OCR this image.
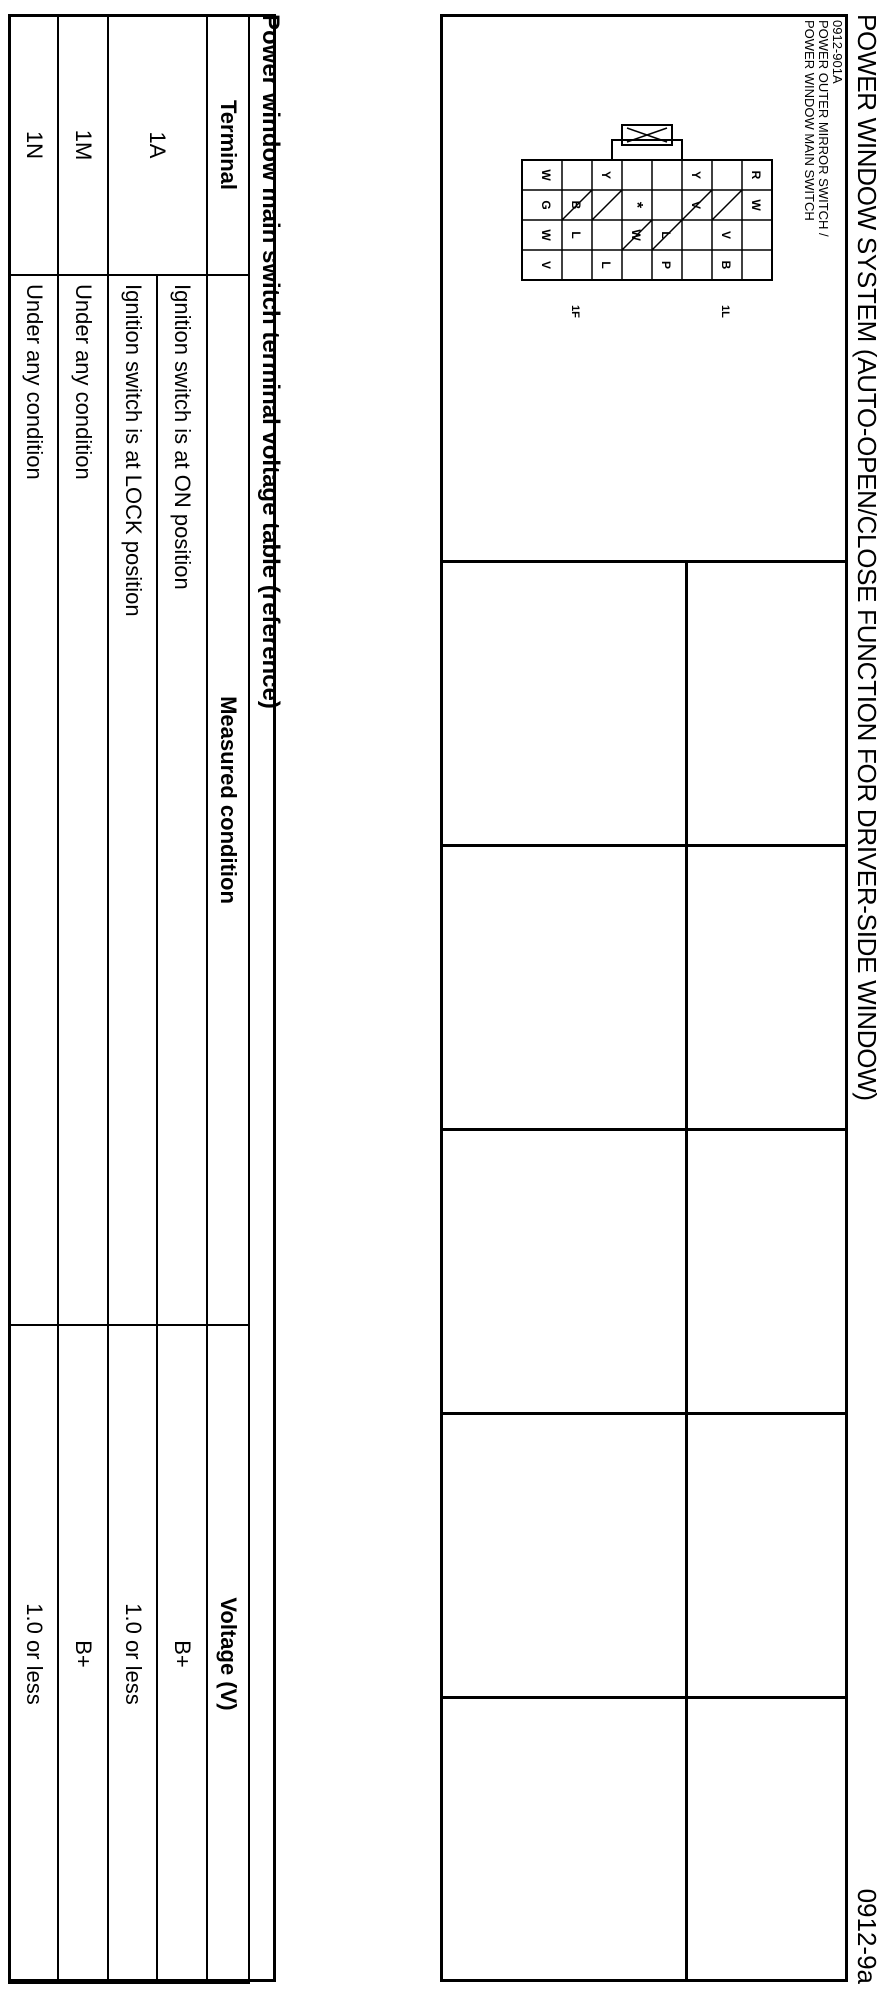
POWER WINDOW SYSTEM (AUTO-OPEN/CLOSE FUNCTION FOR DRIVER-SIDE WINDOW)
0912-9a
0912-901A
POWER OUTER MIRROR SWITCH /
POWER WINDOW MAIN SWITCH
R
W
V
B
Y
V
L
P
*
W
Y
L
B
L
W
G
W
V
1L
1F
Power window main switch terminal voltage table (reference)
Terminal	Measured condition	Voltage (V)
1A	Ignition switch is at ON position	B+
	Ignition switch is at LOCK position	1.0 or less
1M	Under any condition	B+
1N	Under any condition	1.0 or less
